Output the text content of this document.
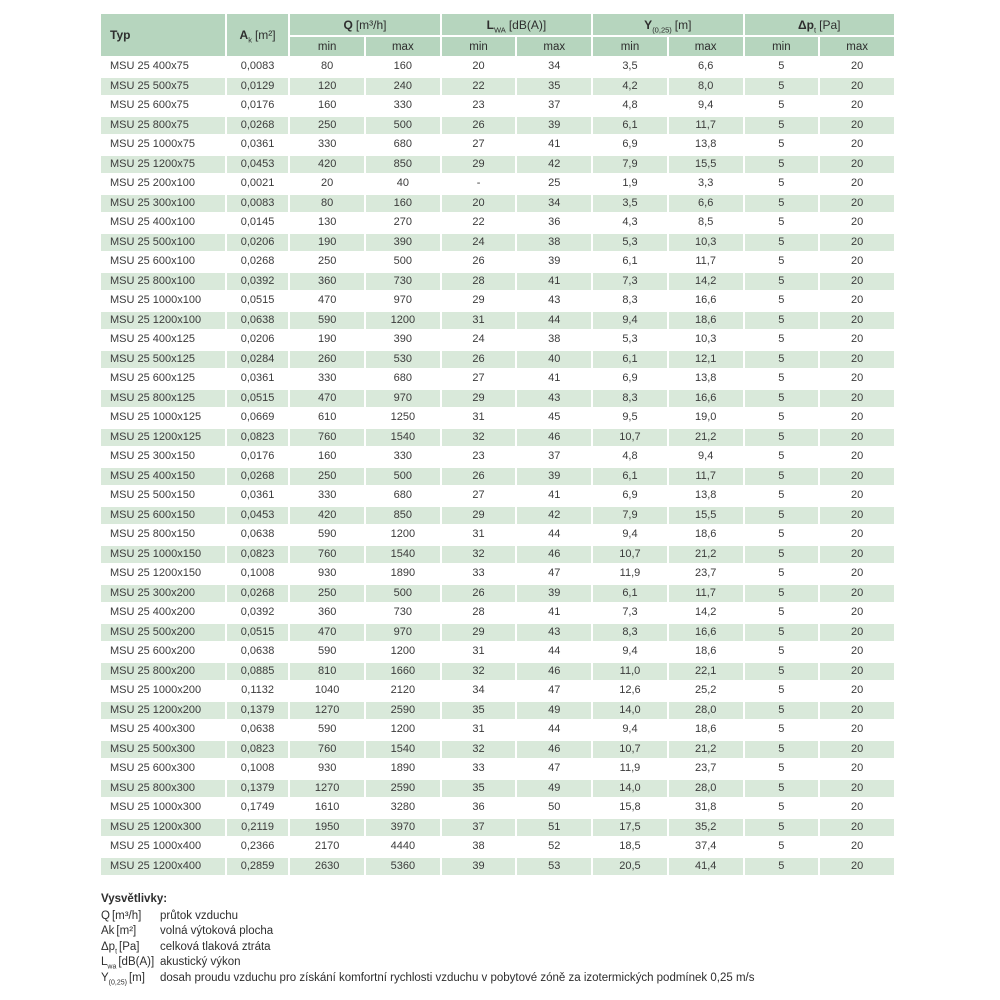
Typ	$A_k$ [m²]	Q [m³/h]		$L_{WA}$ [dB(A)]		$Y_{(0,25)}$ [m]		$\Delta p_t$ [Pa]	
		min	max	min	max	min	max	min	max
MSU 25 400x75	0,0083	80	160	20	34	3,5	6,6	5	20
MSU 25 500x75	0,0129	120	240	22	35	4,2	8,0	5	20
MSU 25 600x75	0,0176	160	330	23	37	4,8	9,4	5	20
MSU 25 800x75	0,0268	250	500	26	39	6,1	11,7	5	20
MSU 25 1000x75	0,0361	330	680	27	41	6,9	13,8	5	20
MSU 25 1200x75	0,0453	420	850	29	42	7,9	15,5	5	20
MSU 25 200x100	0,0021	20	40	-	25	1,9	3,3	5	20
MSU 25 300x100	0,0083	80	160	20	34	3,5	6,6	5	20
MSU 25 400x100	0,0145	130	270	22	36	4,3	8,5	5	20
MSU 25 500x100	0,0206	190	390	24	38	5,3	10,3	5	20
MSU 25 600x100	0,0268	250	500	26	39	6,1	11,7	5	20
MSU 25 800x100	0,0392	360	730	28	41	7,3	14,2	5	20
MSU 25 1000x100	0,0515	470	970	29	43	8,3	16,6	5	20
MSU 25 1200x100	0,0638	590	1200	31	44	9,4	18,6	5	20
MSU 25 400x125	0,0206	190	390	24	38	5,3	10,3	5	20
MSU 25 500x125	0,0284	260	530	26	40	6,1	12,1	5	20
MSU 25 600x125	0,0361	330	680	27	41	6,9	13,8	5	20
MSU 25 800x125	0,0515	470	970	29	43	8,3	16,6	5	20
MSU 25 1000x125	0,0669	610	1250	31	45	9,5	19,0	5	20
MSU 25 1200x125	0,0823	760	1540	32	46	10,7	21,2	5	20
MSU 25 300x150	0,0176	160	330	23	37	4,8	9,4	5	20
MSU 25 400x150	0,0268	250	500	26	39	6,1	11,7	5	20
MSU 25 500x150	0,0361	330	680	27	41	6,9	13,8	5	20
MSU 25 600x150	0,0453	420	850	29	42	7,9	15,5	5	20
MSU 25 800x150	0,0638	590	1200	31	44	9,4	18,6	5	20
MSU 25 1000x150	0,0823	760	1540	32	46	10,7	21,2	5	20
MSU 25 1200x150	0,1008	930	1890	33	47	11,9	23,7	5	20
MSU 25 300x200	0,0268	250	500	26	39	6,1	11,7	5	20
MSU 25 400x200	0,0392	360	730	28	41	7,3	14,2	5	20
MSU 25 500x200	0,0515	470	970	29	43	8,3	16,6	5	20
MSU 25 600x200	0,0638	590	1200	31	44	9,4	18,6	5	20
MSU 25 800x200	0,0885	810	1660	32	46	11,0	22,1	5	20
MSU 25 1000x200	0,1132	1040	2120	34	47	12,6	25,2	5	20
MSU 25 1200x200	0,1379	1270	2590	35	49	14,0	28,0	5	20
MSU 25 400x300	0,0638	590	1200	31	44	9,4	18,6	5	20
MSU 25 500x300	0,0823	760	1540	32	46	10,7	21,2	5	20
MSU 25 600x300	0,1008	930	1890	33	47	11,9	23,7	5	20
MSU 25 800x300	0,1379	1270	2590	35	49	14,0	28,0	5	20
MSU 25 1000x300	0,1749	1610	3280	36	50	15,8	31,8	5	20
MSU 25 1200x300	0,2119	1950	3970	37	51	17,5	35,2	5	20
MSU 25 1000x400	0,2366	2170	4440	38	52	18,5	37,4	5	20
MSU 25 1200x400	0,2859	2630	5360	39	53	20,5	41,4	5	20
Vysvětlivky:
Q [m³/h]	průtok vzduchu
Ak [m²]	volná výtoková plocha
$\Delta p_t$ [Pa]	celková tlaková ztráta
$L_{wa}$ [dB(A)] akustický výkon
$Y_{(0,25)}$ [m]	dosah proudu vzduchu pro získání komfortní rychlosti vzduchu v pobytové zóně za izotermických podmínek 0,25 m/s
